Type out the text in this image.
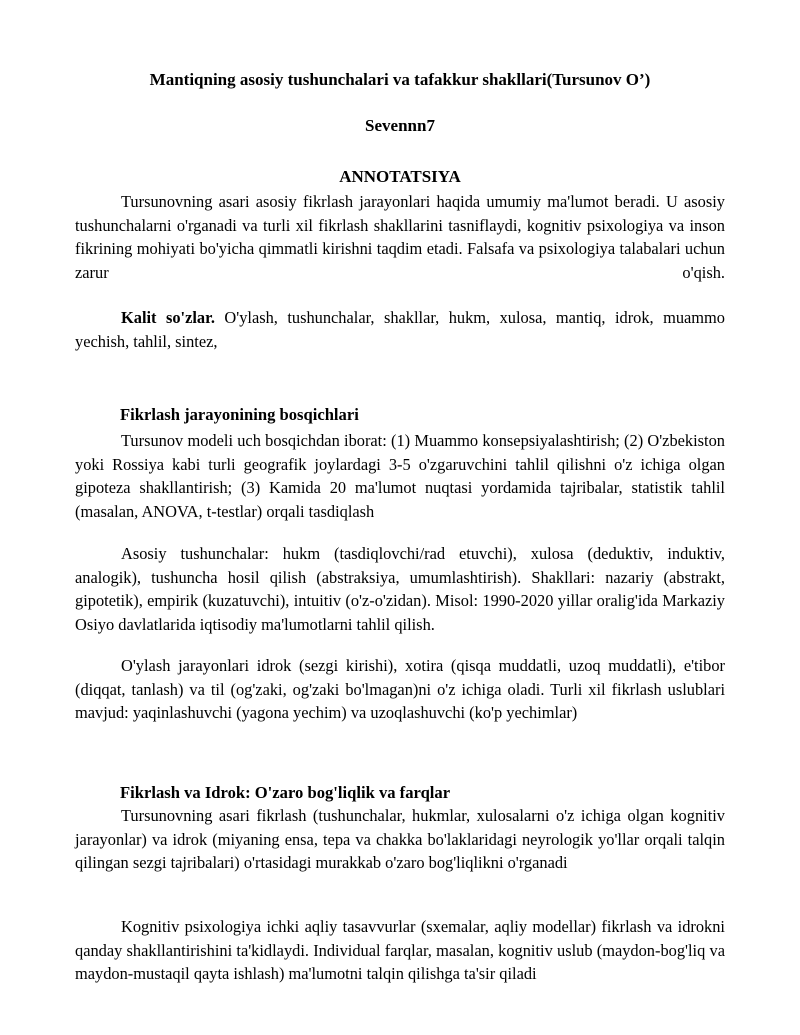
Mantiqning asosiy tushunchalari va tafakkur shakllari(Tursunov O’)
Sevennn7
ANNOTATSIYA

Tursunovning asari asosiy fikrlash jarayonlari haqida umumiy ma'lumot beradi. U asosiy tushunchalarni o'rganadi va turli xil fikrlash shakllarini tasniflaydi, kognitiv psixologiya va inson fikrining mohiyati bo'yicha qimmatli kirishni taqdim etadi. Falsafa va psixologiya talabalari uchun zarur o'qish.

Kalit so'zlar. O'ylash, tushunchalar, shakllar, hukm, xulosa, mantiq, idrok, muammo yechish, tahlil, sintez,

Fikrlash jarayonining bosqichlari

Tursunov modeli uch bosqichdan iborat: (1) Muammo konsepsiyalashtirish; (2) O'zbekiston yoki Rossiya kabi turli geografik joylardagi 3-5 o'zgaruvchini tahlil qilishni o'z ichiga olgan gipoteza shakllantirish; (3) Kamida 20 ma'lumot nuqtasi yordamida tajribalar, statistik tahlil (masalan, ANOVA, t-testlar) orqali tasdiqlash

Asosiy tushunchalar: hukm (tasdiqlovchi/rad etuvchi), xulosa (deduktiv, induktiv, analogik), tushuncha hosil qilish (abstraksiya, umumlashtirish). Shakllari: nazariy (abstrakt, gipotetik), empirik (kuzatuvchi), intuitiv (o'z-o'zidan). Misol: 1990-2020 yillar oralig'ida Markaziy Osiyo davlatlarida iqtisodiy ma'lumotlarni tahlil qilish.

O'ylash jarayonlari idrok (sezgi kirishi), xotira (qisqa muddatli, uzoq muddatli), e'tibor (diqqat, tanlash) va til (og'zaki, og'zaki bo'lmagan)ni o'z ichiga oladi. Turli xil fikrlash uslublari mavjud: yaqinlashuvchi (yagona yechim) va uzoqlashuvchi (ko'p yechimlar)

Fikrlash va Idrok: O'zaro bog'liqlik va farqlar

Tursunovning asari fikrlash (tushunchalar, hukmlar, xulosalarni o'z ichiga olgan kognitiv jarayonlar) va idrok (miyaning ensa, tepa va chakka bo'laklaridagi neyrologik yo'llar orqali talqin qilingan sezgi tajribalari) o'rtasidagi murakkab o'zaro bog'liqlikni o'rganadi

Kognitiv psixologiya ichki aqliy tasavvurlar (sxemalar, aqliy modellar) fikrlash va idrokni qanday shakllantirishini ta'kidlaydi. Individual farqlar, masalan, kognitiv uslub (maydon-bog'liq va maydon-mustaqil qayta ishlash) ma'lumotni talqin qilishga ta'sir qiladi
